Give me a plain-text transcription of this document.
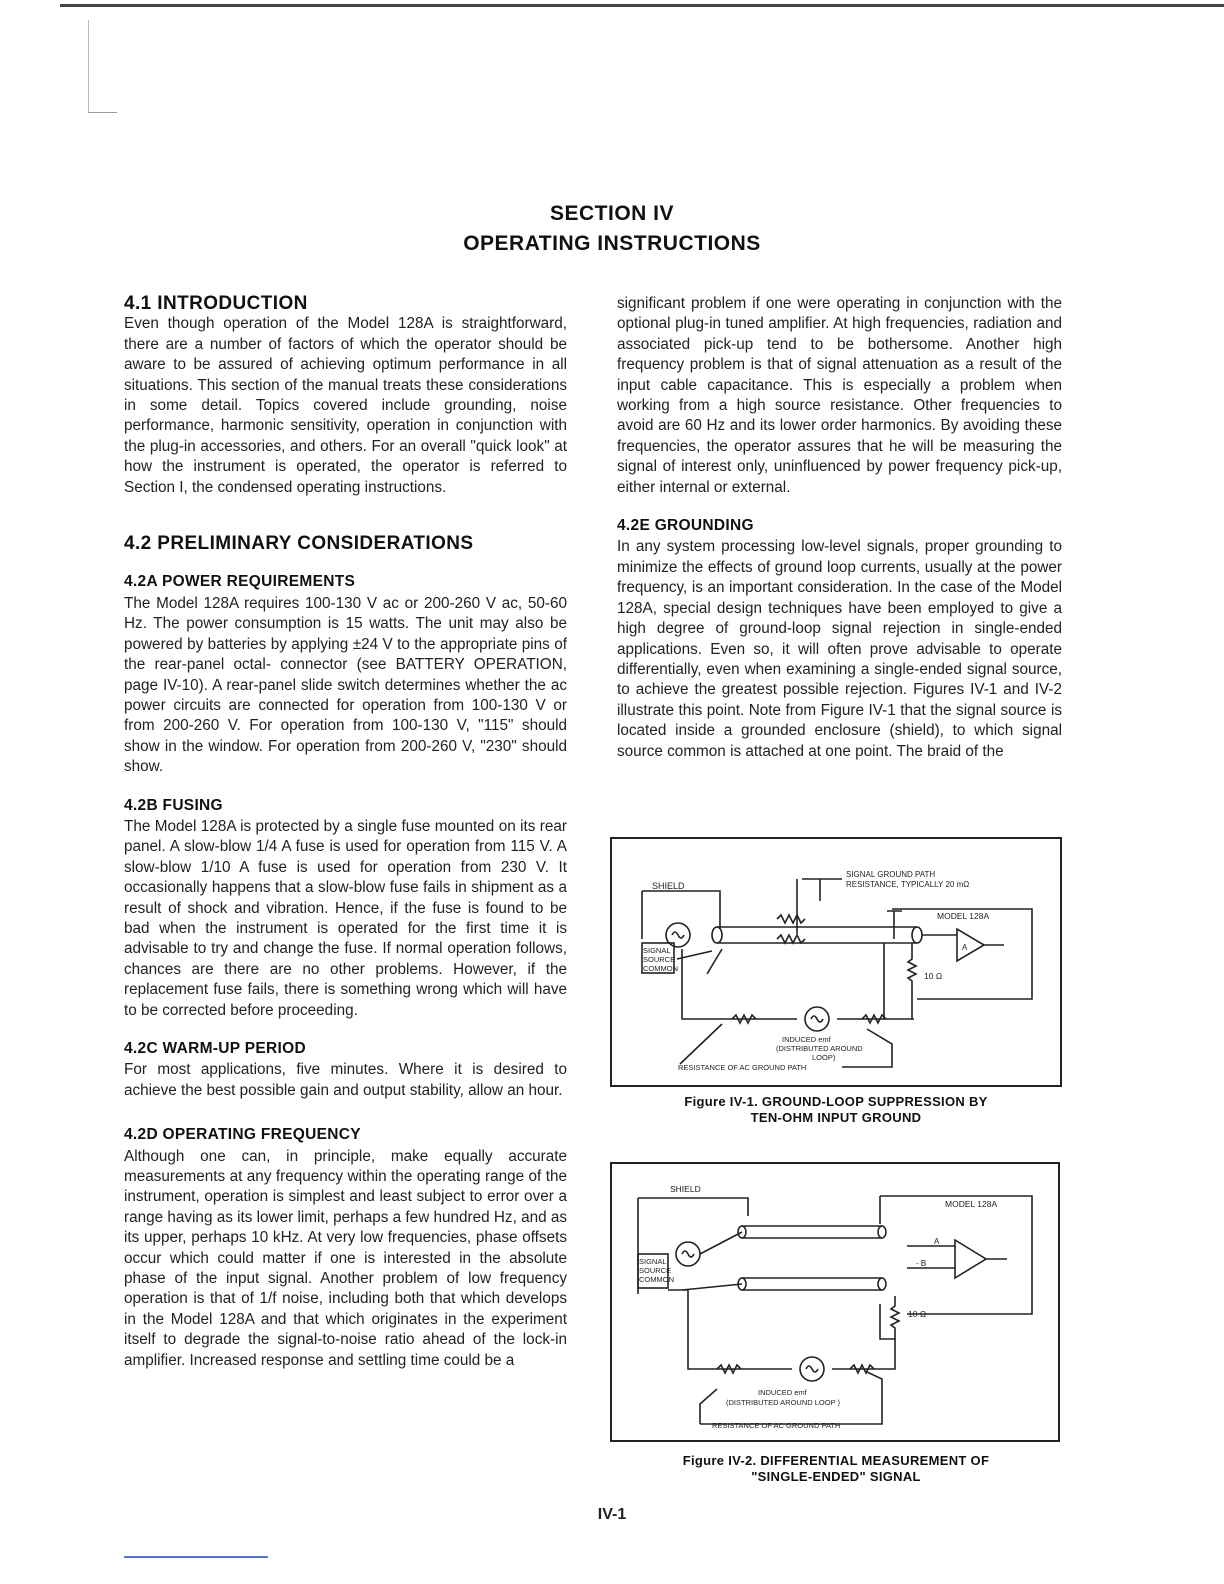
SECTION IV
OPERATING INSTRUCTIONS
4.1 INTRODUCTION

Even though operation of the Model 128A is straightforward, there are a number of factors of which the operator should be aware to be assured of achieving optimum performance in all situations. This section of the manual treats these considerations in some detail. Topics covered include grounding, noise performance, harmonic sensitivity, operation in conjunction with the plug-in accessories, and others. For an overall "quick look" at how the instrument is operated, the operator is referred to Section I, the condensed operating instructions.

4.2 PRELIMINARY CONSIDERATIONS
4.2A POWER REQUIREMENTS

The Model 128A requires 100-130 V ac or 200-260 V ac, 50-60 Hz. The power consumption is 15 watts. The unit may also be powered by batteries by applying ±24 V to the appropriate pins of the rear-panel octal- connector (see BATTERY OPERATION, page IV-10). A rear-panel slide switch determines whether the ac power circuits are connected for operation from 100-130 V or from 200-260 V. For operation from 100-130 V, "115" should show in the window. For operation from 200-260 V, "230" should show.

4.2B FUSING

The Model 128A is protected by a single fuse mounted on its rear panel. A slow-blow 1/4 A fuse is used for operation from 115 V. A slow-blow 1/10 A fuse is used for operation from 230 V. It occasionally happens that a slow-blow fuse fails in shipment as a result of shock and vibration. Hence, if the fuse is found to be bad when the instrument is operated for the first time it is advisable to try and change the fuse. If normal operation follows, chances are there are no other problems. However, if the replacement fuse fails, there is something wrong which will have to be corrected before proceeding.

4.2C WARM-UP PERIOD

For most applications, five minutes. Where it is desired to achieve the best possible gain and output stability, allow an hour.

4.2D OPERATING FREQUENCY

Although one can, in principle, make equally accurate measurements at any frequency within the operating range of the instrument, operation is simplest and least subject to error over a range having as its lower limit, perhaps a few hundred Hz, and as its upper, perhaps 10 kHz. At very low frequencies, phase offsets occur which could matter if one is interested in the absolute phase of the input signal. Another problem of low frequency operation is that of 1/f noise, including both that which develops in the Model 128A and that which originates in the experiment itself to degrade the signal-to-noise ratio ahead of the lock-in amplifier. Increased response and settling time could be a

significant problem if one were operating in conjunction with the optional plug-in tuned amplifier. At high frequencies, radiation and associated pick-up tend to be bothersome. Another high frequency problem is that of signal attenuation as a result of the input cable capacitance. This is especially a problem when working from a high source resistance. Other frequencies to avoid are 60 Hz and its lower order harmonics. By avoiding these frequencies, the operator assures that he will be measuring the signal of interest only, uninfluenced by power frequency pick-up, either internal or external.

4.2E GROUNDING

In any system processing low-level signals, proper grounding to minimize the effects of ground loop currents, usually at the power frequency, is an important consideration. In the case of the Model 128A, special design techniques have been employed to give a high degree of ground-loop signal rejection in single-ended applications. Even so, it will often prove advisable to operate differentially, even when examining a single-ended signal source, to achieve the greatest possible rejection. Figures IV-1 and IV-2 illustrate this point. Note from Figure IV-1 that the signal source is located inside a grounded enclosure (shield), to which signal source common is attached at one point. The braid of the

SHIELD
SIGNAL GROUND PATH
RESISTANCE, TYPICALLY 20 mΩ
MODEL 128A
A
SIGNAL
SOURCE
COMMON
10 Ω
INDUCED emf
(DISTRIBUTED AROUND
LOOP)
RESISTANCE OF AC GROUND PATH
Figure IV-1. GROUND-LOOP SUPPRESSION BY
TEN-OHM INPUT GROUND
SHIELD
MODEL 128A
A
- B
SIGNAL
SOURCE
COMMON
10 Ω
INDUCED emf
(DISTRIBUTED AROUND LOOP )
RESISTANCE OF AC GROUND PATH
Figure IV-2. DIFFERENTIAL MEASUREMENT OF
"SINGLE-ENDED" SIGNAL
IV-1
